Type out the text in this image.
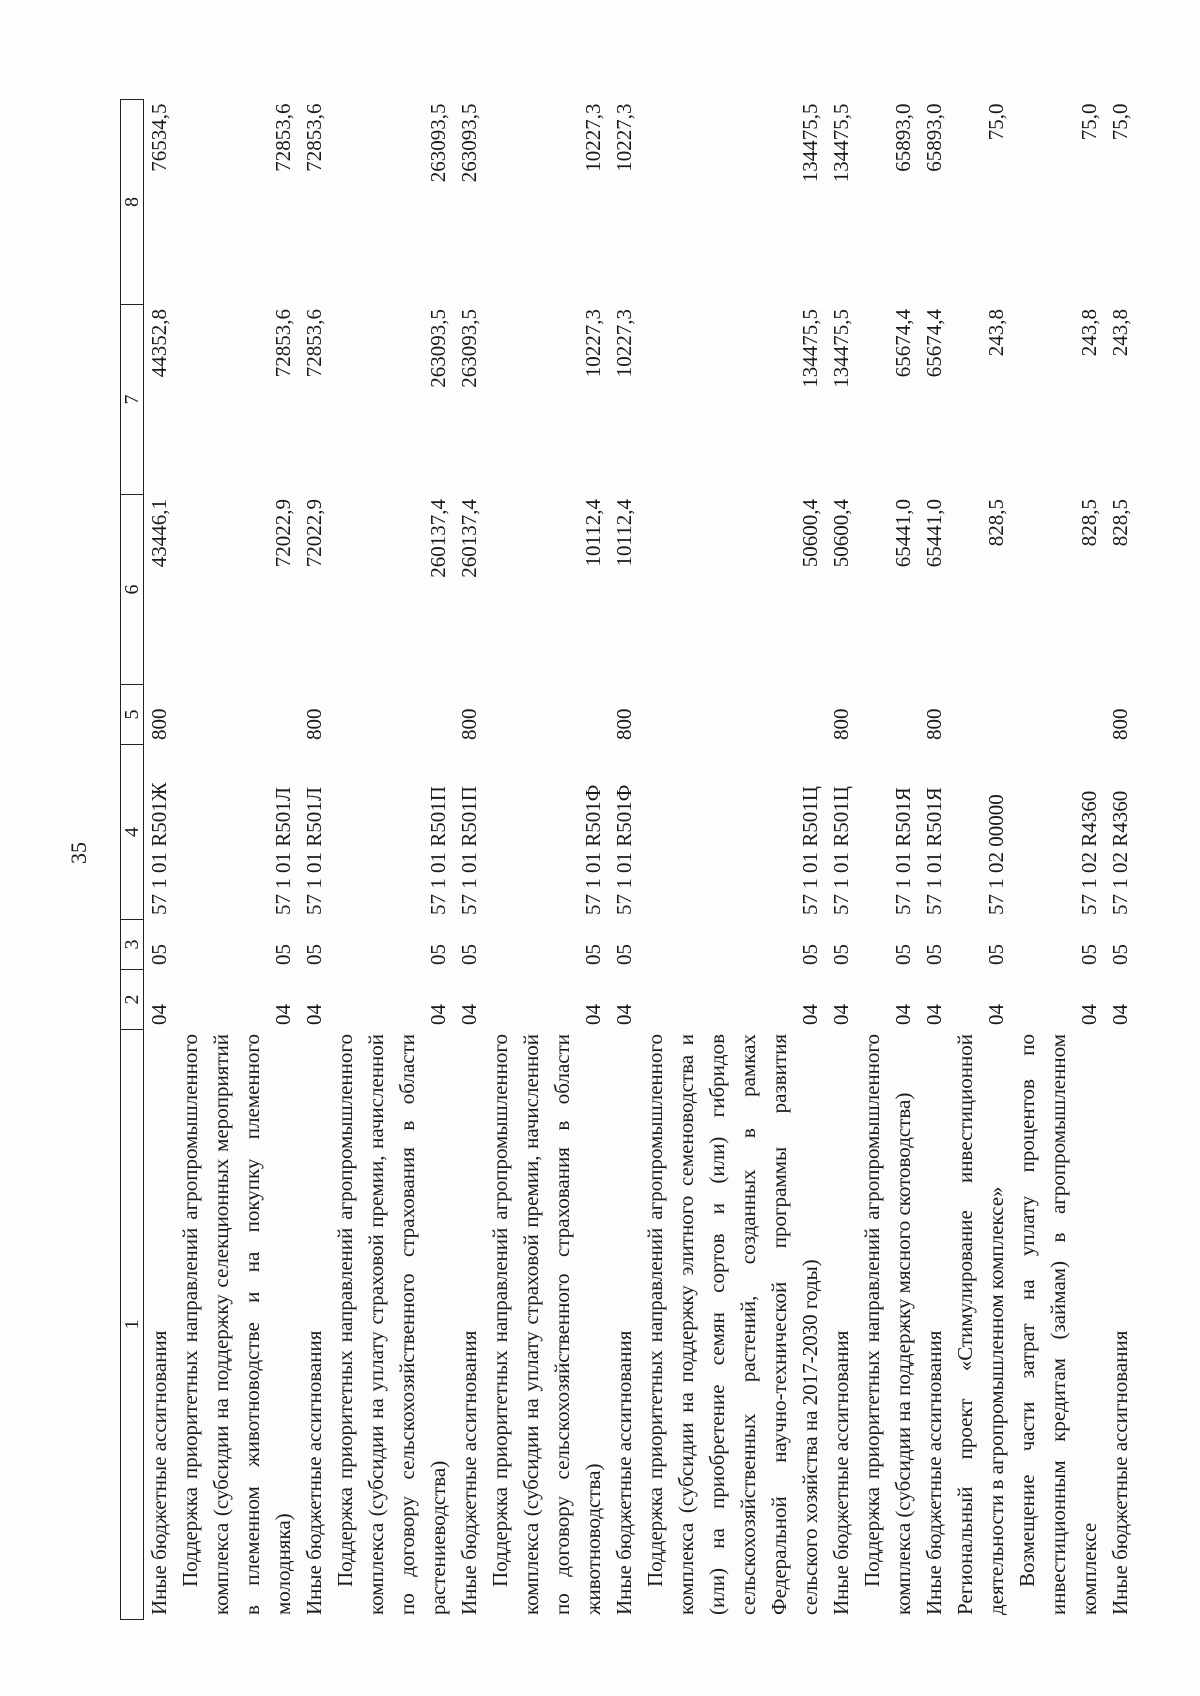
35
1	2	3	4	5	6	7	8
Иные бюджетные ассигнования	04	05	57 1 01 R501Ж	800	43446,1	44352,8	76534,5
Поддержка приоритетных направлений агропромышленного комплекса (субсидии на поддержку селекционных мероприятий в племенном животноводстве и на покупку племенного молодняка)	04	05	57 1 01 R501Л		72022,9	72853,6	72853,6
Иные бюджетные ассигнования	04	05	57 1 01 R501Л	800	72022,9	72853,6	72853,6
Поддержка приоритетных направлений агропромышленного комплекса (субсидии на уплату страховой премии, начисленной по договору сельскохозяйственного страхования в области растениеводства)	04	05	57 1 01 R501П		260137,4	263093,5	263093,5
Иные бюджетные ассигнования	04	05	57 1 01 R501П	800	260137,4	263093,5	263093,5
Поддержка приоритетных направлений агропромышленного комплекса (субсидии на уплату страховой премии, начисленной по договору сельскохозяйственного страхования в области животноводства)	04	05	57 1 01 R501Ф		10112,4	10227,3	10227,3
Иные бюджетные ассигнования	04	05	57 1 01 R501Ф	800	10112,4	10227,3	10227,3
Поддержка приоритетных направлений агропромышленного комплекса (субсидии на поддержку элитного семеноводства и (или) на приобретение семян сортов и (или) гибридов сельскохозяйственных растений, созданных в рамках Федеральной научно-технической программы развития сельского хозяйства на 2017-2030 годы)	04	05	57 1 01 R501Ц		50600,4	134475,5	134475,5
Иные бюджетные ассигнования	04	05	57 1 01 R501Ц	800	50600,4	134475,5	134475,5
Поддержка приоритетных направлений агропромышленного комплекса (субсидии на поддержку мясного скотоводства)	04	05	57 1 01 R501Я		65441,0	65674,4	65893,0
Иные бюджетные ассигнования	04	05	57 1 01 R501Я	800	65441,0	65674,4	65893,0
Региональный проект «Стимулирование инвестиционной деятельности в агропромышленном комплексе»	04	05	57 1 02 00000		828,5	243,8	75,0
Возмещение части затрат на уплату процентов по инвестиционным кредитам (займам) в агропромышленном комплексе	04	05	57 1 02 R4360		828,5	243,8	75,0
Иные бюджетные ассигнования	04	05	57 1 02 R4360	800	828,5	243,8	75,0
